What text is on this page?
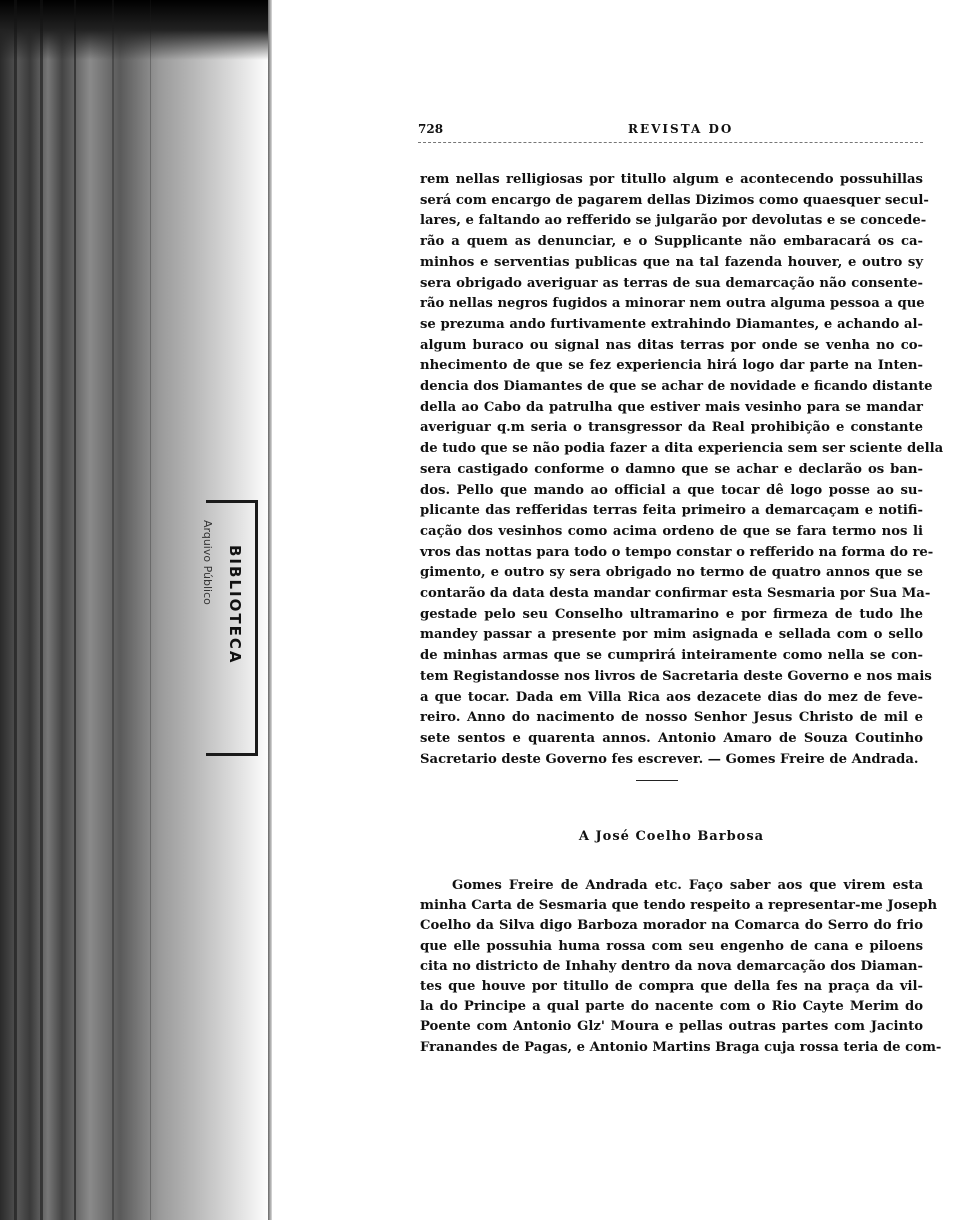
BIBLIOTECA
Arquivo Público
728	REVISTA DO
rem nellas relligiosas por titullo algum e acontecendo possuhillas
será com encargo de pagarem dellas Dizimos como quaesquer secul-
lares, e faltando ao refferido se julgarão por devolutas e se concede-
rão a quem as denunciar, e o Supplicante não embaracará os ca-
minhos e serventias publicas que na tal fazenda houver, e outro sy
sera obrigado averiguar as terras de sua demarcação não consente-
rão nellas negros fugidos a minorar nem outra alguma pessoa a que
se prezuma ando furtivamente extrahindo Diamantes, e achando al-
algum buraco ou signal nas ditas terras por onde se venha no co-
nhecimento de que se fez experiencia hirá logo dar parte na Inten-
dencia dos Diamantes de que se achar de novidade e ficando distante
della ao Cabo da patrulha que estiver mais vesinho para se mandar
averiguar q.m seria o transgressor da Real prohibição e constante
de tudo que se não podia fazer a dita experiencia sem ser sciente della
sera castigado conforme o damno que se achar e declarão os ban-
dos. Pello que mando ao official a que tocar dê logo posse ao su-
plicante das refferidas terras feita primeiro a demarcaçam e notifi-
cação dos vesinhos como acima ordeno de que se fara termo nos li
vros das nottas para todo o tempo constar o refferido na forma do re-
gimento, e outro sy sera obrigado no termo de quatro annos que se
contarão da data desta mandar confirmar esta Sesmaria por Sua Ma-
gestade pelo seu Conselho ultramarino e por firmeza de tudo lhe
mandey passar a presente por mim asignada e sellada com o sello
de minhas armas que se cumprirá inteiramente como nella se con-
tem Registandosse nos livros de Sacretaria deste Governo e nos mais
a que tocar. Dada em Villa Rica aos dezacete dias do mez de feve-
reiro. Anno do nacimento de nosso Senhor Jesus Christo de mil e
sete sentos e quarenta annos. Antonio Amaro de Souza Coutinho
Sacretario deste Governo fes escrever. — Gomes Freire de Andrada.
A José Coelho Barbosa
Gomes Freire de Andrada etc. Faço saber aos que virem esta
minha Carta de Sesmaria que tendo respeito a representar-me Joseph
Coelho da Silva digo Barboza morador na Comarca do Serro do frio
que elle possuhia huma rossa com seu engenho de cana e piloens
cita no districto de Inhahy dentro da nova demarcação dos Diaman-
tes que houve por titullo de compra que della fes na praça da vil-
la do Principe a qual parte do nacente com o Rio Cayte Merim do
Poente com Antonio Glz' Moura e pellas outras partes com Jacinto
Franandes de Pagas, e Antonio Martins Braga cuja rossa teria de com-
